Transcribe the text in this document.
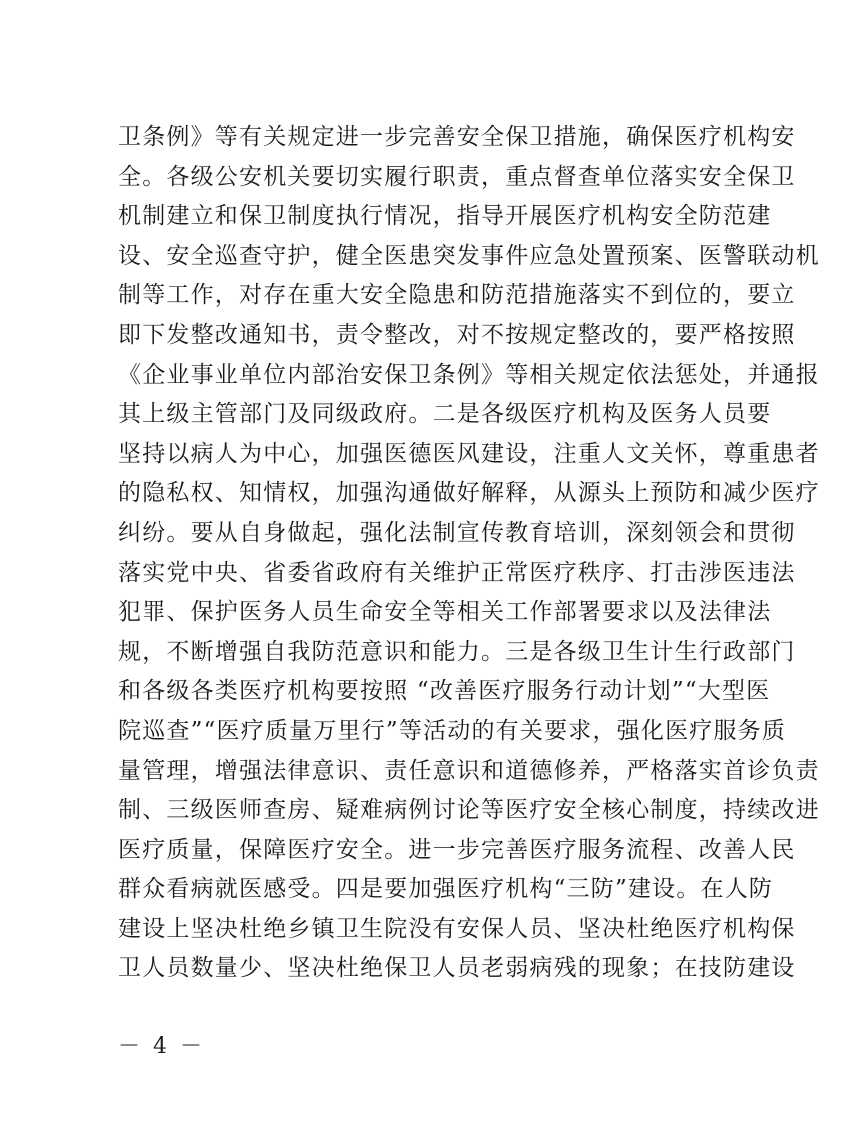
卫条例》等有关规定进一步完善安全保卫措施，确保医疗机构安
全。各级公安机关要切实履行职责，重点督查单位落实安全保卫
机制建立和保卫制度执行情况，指导开展医疗机构安全防范建
设、安全巡查守护，健全医患突发事件应急处置预案、医警联动机
制等工作，对存在重大安全隐患和防范措施落实不到位的，要立
即下发整改通知书，责令整改，对不按规定整改的，要严格按照
《企业事业单位内部治安保卫条例》等相关规定依法惩处，并通报
其上级主管部门及同级政府。二是各级医疗机构及医务人员要
坚持以病人为中心，加强医德医风建设，注重人文关怀，尊重患者
的隐私权、知情权，加强沟通做好解释，从源头上预防和减少医疗
纠纷。要从自身做起，强化法制宣传教育培训，深刻领会和贯彻
落实党中央、省委省政府有关维护正常医疗秩序、打击涉医违法
犯罪、保护医务人员生命安全等相关工作部署要求以及法律法
规，不断增强自我防范意识和能力。三是各级卫生计生行政部门
和各级各类医疗机构要按照 “改善医疗服务行动计划”“大型医
院巡查”“医疗质量万里行”等活动的有关要求，强化医疗服务质
量管理，增强法律意识、责任意识和道德修养，严格落实首诊负责
制、三级医师查房、疑难病例讨论等医疗安全核心制度，持续改进
医疗质量，保障医疗安全。进一步完善医疗服务流程、改善人民
群众看病就医感受。四是要加强医疗机构“三防”建设。在人防
建设上坚决杜绝乡镇卫生院没有安保人员、坚决杜绝医疗机构保
卫人员数量少、坚决杜绝保卫人员老弱病残的现象；在技防建设
－ 4 －
